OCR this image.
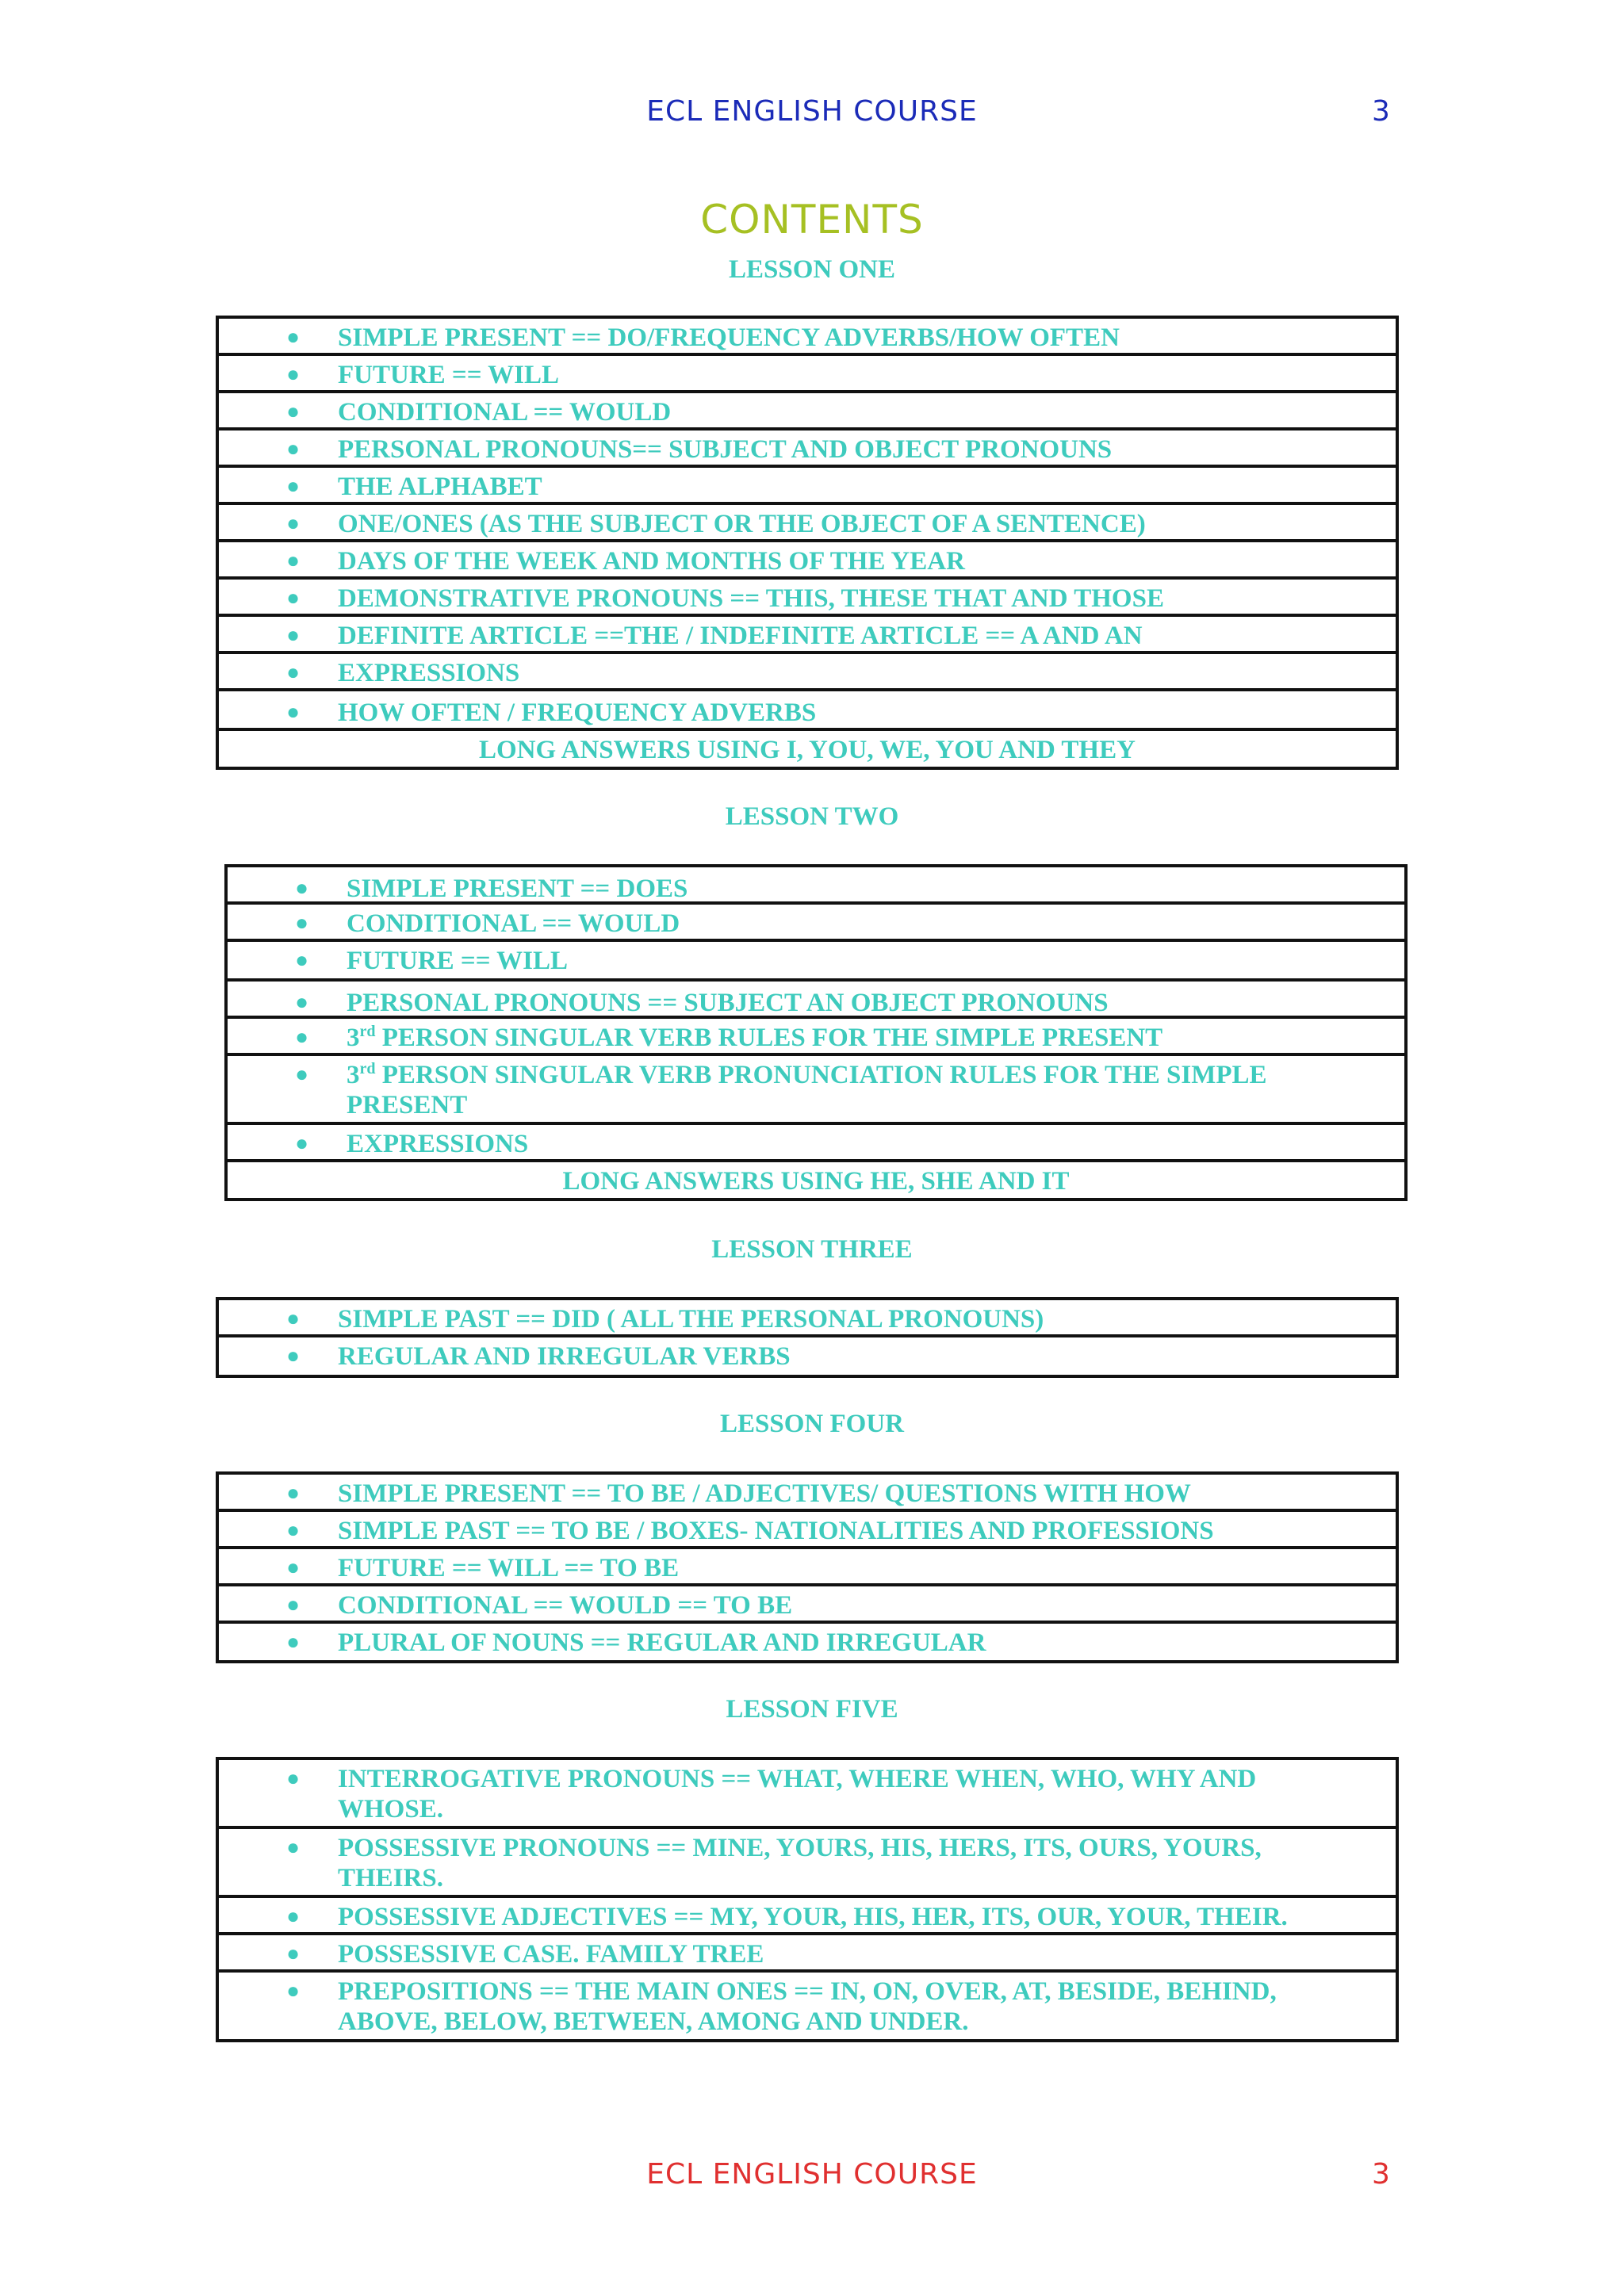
ECL ENGLISH COURSE	3
CONTENTS
LESSON ONE
●	SIMPLE PRESENT == DO/FREQUENCY ADVERBS/HOW OFTEN
●	FUTURE == WILL
●	CONDITIONAL == WOULD
●	PERSONAL PRONOUNS== SUBJECT AND OBJECT PRONOUNS
●	THE ALPHABET
●	ONE/ONES (AS THE SUBJECT OR THE OBJECT OF A SENTENCE)
●	DAYS OF THE WEEK AND MONTHS OF THE YEAR
●	DEMONSTRATIVE PRONOUNS == THIS, THESE THAT AND THOSE
●	DEFINITE ARTICLE ==THE / INDEFINITE ARTICLE == A AND AN
●	EXPRESSIONS
●	HOW OFTEN / FREQUENCY ADVERBS
LONG ANSWERS USING I, YOU, WE, YOU AND THEY
LESSON TWO
●	SIMPLE PRESENT == DOES
●	CONDITIONAL == WOULD
●	FUTURE == WILL
●	PERSONAL PRONOUNS == SUBJECT AN OBJECT PRONOUNS
●	3rd PERSON SINGULAR VERB RULES FOR THE SIMPLE PRESENT
●	3rd PERSON SINGULAR VERB PRONUNCIATION RULES FOR THE SIMPLE PRESENT
●	EXPRESSIONS
LONG ANSWERS USING HE, SHE AND IT
LESSON THREE
●	SIMPLE PAST == DID ( ALL THE PERSONAL PRONOUNS)
●	REGULAR AND IRREGULAR VERBS
LESSON FOUR
●	SIMPLE PRESENT == TO BE / ADJECTIVES/ QUESTIONS WITH HOW
●	SIMPLE PAST == TO BE / BOXES- NATIONALITIES AND PROFESSIONS
●	FUTURE == WILL == TO BE
●	CONDITIONAL == WOULD == TO BE
●	PLURAL OF NOUNS == REGULAR AND IRREGULAR
LESSON FIVE
●	INTERROGATIVE PRONOUNS == WHAT, WHERE WHEN, WHO, WHY AND WHOSE.
●	POSSESSIVE PRONOUNS == MINE, YOURS, HIS, HERS, ITS, OURS, YOURS, THEIRS.
●	POSSESSIVE ADJECTIVES == MY, YOUR, HIS, HER, ITS, OUR, YOUR, THEIR.
●	POSSESSIVE CASE. FAMILY TREE
●	PREPOSITIONS == THE MAIN ONES == IN, ON, OVER, AT, BESIDE, BEHIND, ABOVE, BELOW, BETWEEN, AMONG AND UNDER.
ECL ENGLISH COURSE	3
